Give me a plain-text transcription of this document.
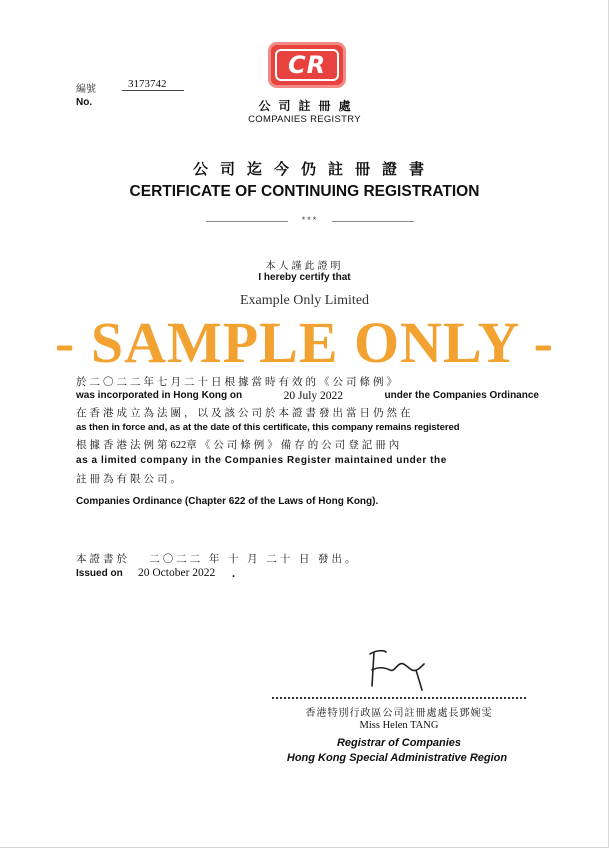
編號
No.
3173742
CR
公司註冊處
COMPANIES REGISTRY
公司迄今仍註冊證書
CERTIFICATE OF CONTINUING REGISTRATION
***
本人謹此證明
I hereby certify that
Example Only Limited
- SAMPLE ONLY -
於二〇二二年七月二十日根據當時有效的《公司條例》
was incorporated in Hong Kong on	20 July 2022	under the Companies Ordinance
在香港成立為法團，以及該公司於本證書發出當日仍然在
as then in force and, as at the date of this certificate, this company remains registered
根據香港法例第622章《公司條例》備存的公司登記冊內
as a limited company in the Companies Register maintained under the
註冊為有限公司。
Companies Ordinance (Chapter 622 of the Laws of Hong Kong).
本證書於 二〇二二 年 十 月 二十 日 發出。
Issued on 20 October 2022 .
香港特別行政區公司註冊處處長鄧婉雯
Miss Helen TANG
Registrar of Companies
Hong Kong Special Administrative Region
